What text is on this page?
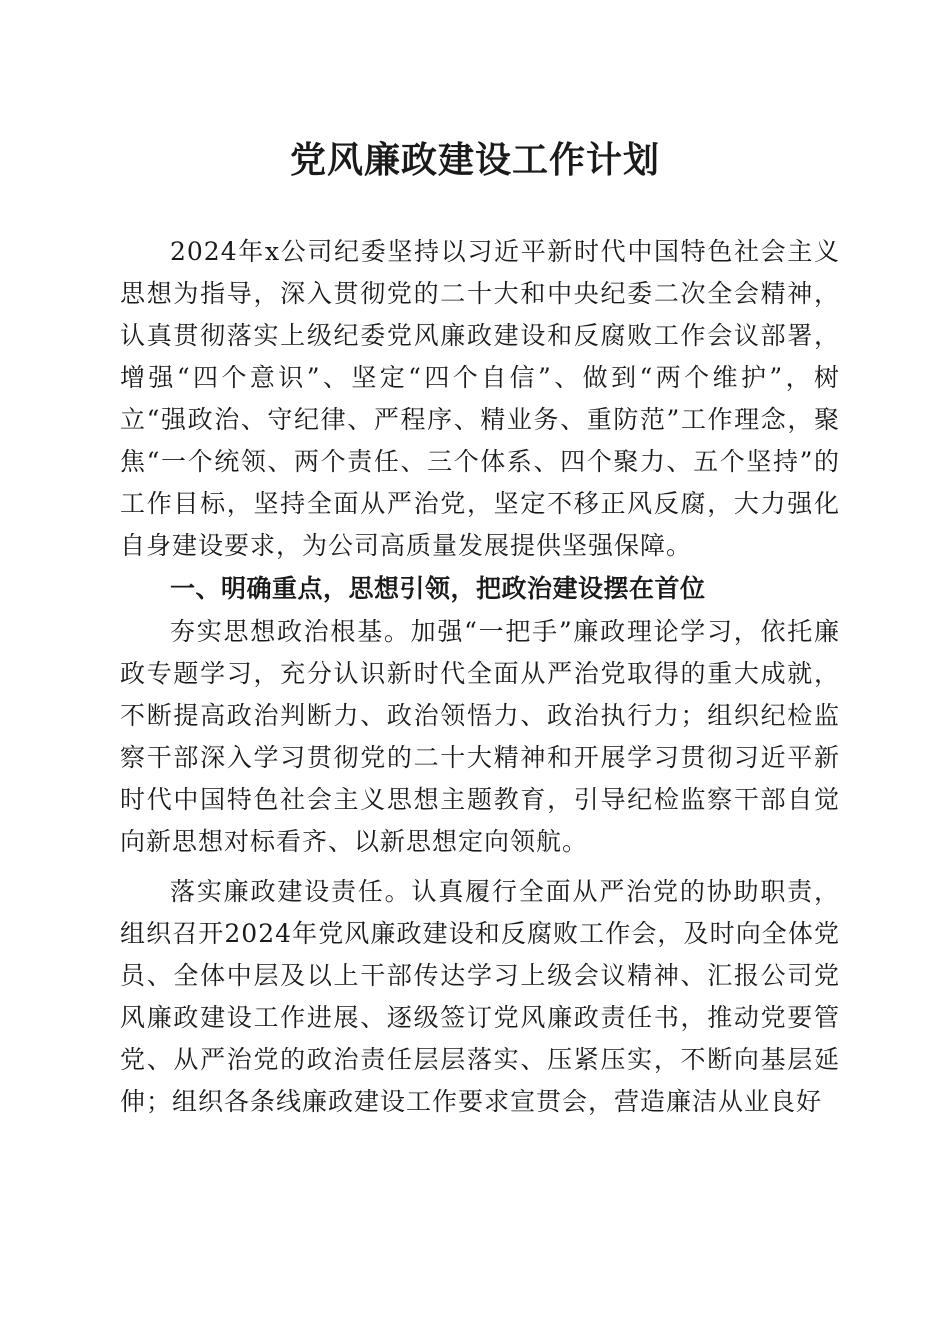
党风廉政建设工作计划

2024年x公司纪委坚持以习近平新时代中国特色社会主义思想为指导，深入贯彻党的二十大和中央纪委二次全会精神，认真贯彻落实上级纪委党风廉政建设和反腐败工作会议部署，增强“四个意识”、坚定“四个自信”、做到“两个维护”，树立“强政治、守纪律、严程序、精业务、重防范”工作理念，聚焦“一个统领、两个责任、三个体系、四个聚力、五个坚持”的工作目标，坚持全面从严治党，坚定不移正风反腐，大力强化自身建设要求，为公司高质量发展提供坚强保障。

一、明确重点，思想引领，把政治建设摆在首位

夯实思想政治根基。加强“一把手”廉政理论学习，依托廉政专题学习，充分认识新时代全面从严治党取得的重大成就，不断提高政治判断力、政治领悟力、政治执行力；组织纪检监察干部深入学习贯彻党的二十大精神和开展学习贯彻习近平新时代中国特色社会主义思想主题教育，引导纪检监察干部自觉向新思想对标看齐、以新思想定向领航。

落实廉政建设责任。认真履行全面从严治党的协助职责，组织召开2024年党风廉政建设和反腐败工作会，及时向全体党员、全体中层及以上干部传达学习上级会议精神、汇报公司党风廉政建设工作进展、逐级签订党风廉政责任书，推动党要管党、从严治党的政治责任层层落实、压紧压实，不断向基层延伸；组织各条线廉政建设工作要求宣贯会，营造廉洁从业良好
